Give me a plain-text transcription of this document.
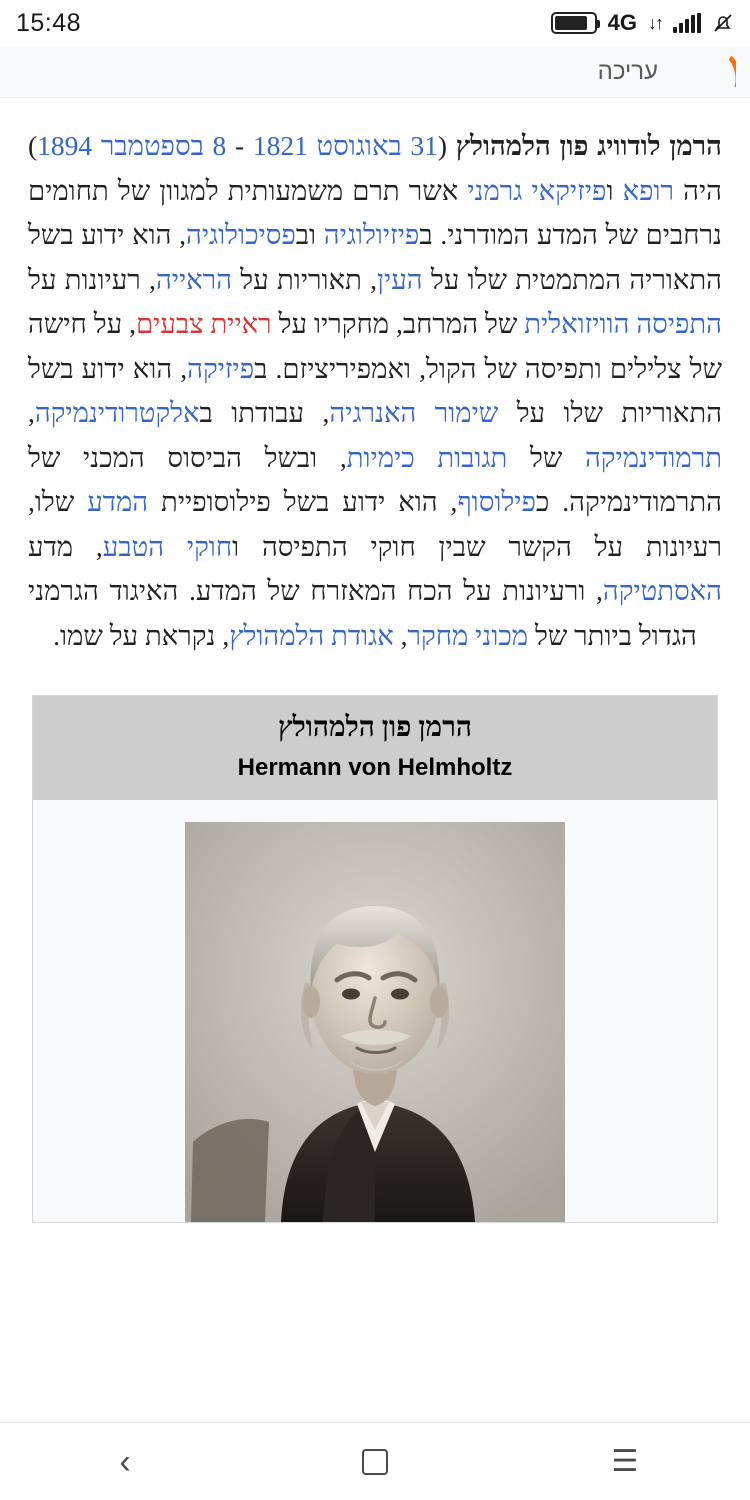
15:48	4G ↓↑
עריכה

הרמן לודוויג פון הלמהולץ (31 באוגוסט 1821 - 8 בספטמבר 1894) היה רופא ופיזיקאי גרמני אשר תרם משמעותית למגוון של תחומים נרחבים של המדע המודרני. בפיזיולוגיה ובפסיכולוגיה, הוא ידוע בשל התאוריה המתמטית שלו על העין, תאוריות על הראייה, רעיונות על התפיסה הוויזואלית של המרחב, מחקריו על ראיית צבעים, על חישה של צלילים ותפיסה של הקול, ואמפיריציזם. בפיזיקה, הוא ידוע בשל התאוריות שלו על שימור האנרגיה, עבודתו באלקטרודינמיקה, תרמודינמיקה של תגובות כימיות, ובשל הביסוס המכני של התרמודינמיקה. כפילוסוף, הוא ידוע בשל פילוסופיית המדע שלו, רעיונות על הקשר שבין חוקי התפיסה וחוקי הטבע, מדע האסתטיקה, ורעיונות על הכח המאזרח של המדע. האיגוד הגרמני הגדול ביותר של מכוני מחקר, אגודת הלמהולץ, נקראת על שמו.

הרמן פון הלמהולץ
Hermann von Helmholtz
‹	☰
